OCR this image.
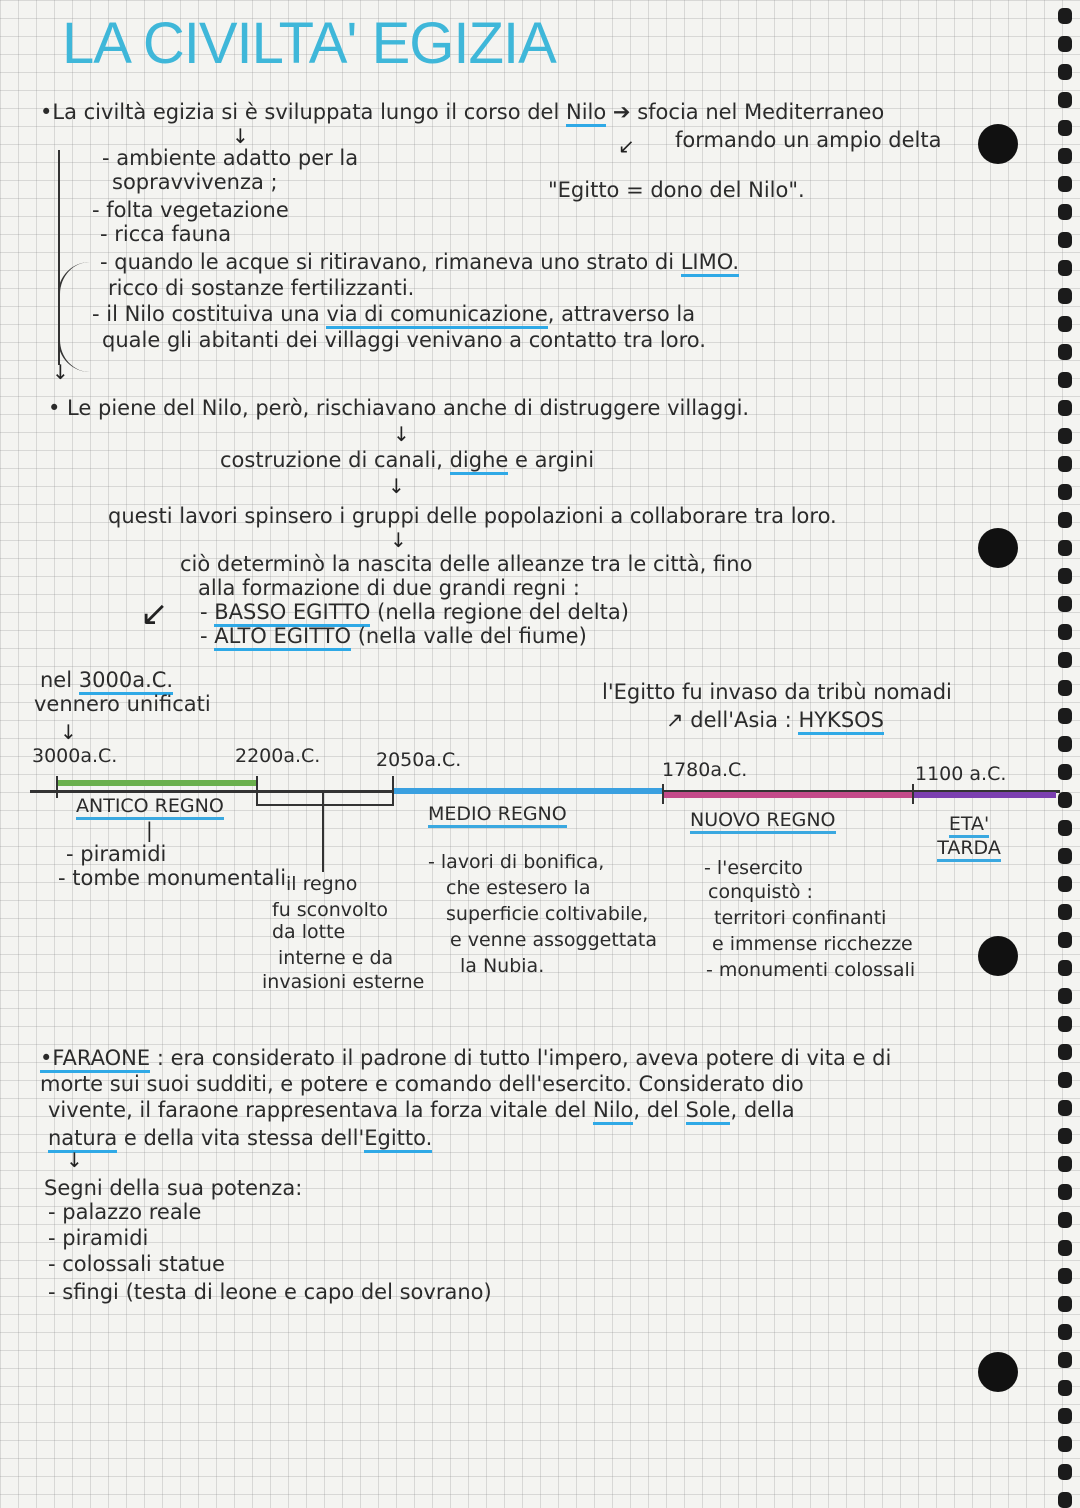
LA CIVILTA' EGIZIA
•La civiltà egizia si è sviluppata lungo il corso del Nilo ➔ sfocia nel Mediterraneo
formando un ampio delta
↓	↙
"Egitto = dono del Nilo".
- ambiente adatto per la
sopravvivenza ;
- folta vegetazione
- ricca fauna
- quando le acque si ritiravano, rimaneva uno strato di LIMO.
ricco di sostanze fertilizzanti.
- il Nilo costituiva una via di comunicazione, attraverso la
quale gli abitanti dei villaggi venivano a contatto tra loro.
↓
• Le piene del Nilo, però, rischiavano anche di distruggere villaggi.
↓
costruzione di canali, dighe e argini
↓
questi lavori spinsero i gruppi delle popolazioni a collaborare tra loro.
↓
ciò determinò la nascita delle alleanze tra le città, fino
alla formazione di due grandi regni :
- BASSO EGITTO (nella regione del delta)
- ALTO EGITTO (nella valle del fiume)
↙
nel 3000a.C.
vennero unificati
↓
l'Egitto fu invaso da tribù nomadi
↗ dell'Asia : HYKSOS
3000a.C.	2200a.C.	2050a.C.	1780a.C.	1100 a.C.
ANTICO REGNO	MEDIO REGNO	NUOVO REGNO	ETA' TARDA
|
- piramidi
- tombe monumentali il regno
fu sconvolto
da lotte
interne e da
invasioni esterne
- lavori di bonifica,
che estesero la
superficie coltivabile,
e venne assoggettata
la Nubia.
- l'esercito
conquistò :
territori confinanti
e immense ricchezze
- monumenti colossali
•FARAONE : era considerato il padrone di tutto l'impero, aveva potere di vita e di
morte sui suoi sudditi, e potere e comando dell'esercito. Considerato dio
vivente, il faraone rappresentava la forza vitale del Nilo, del Sole, della
natura e della vita stessa dell'Egitto.
↓
Segni della sua potenza:
- palazzo reale
- piramidi
- colossali statue
- sfingi (testa di leone e capo del sovrano)
